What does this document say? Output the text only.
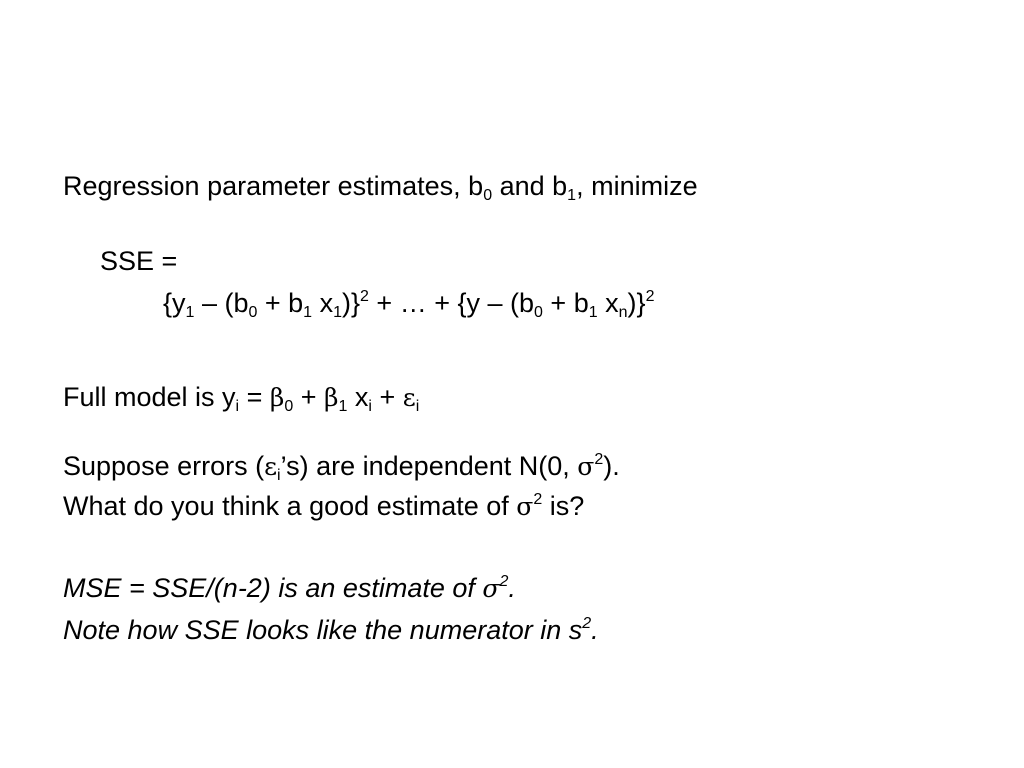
Regression parameter estimates, $b_0$ and $b_1$, minimize
SSE =
{$y_1 - (b_0 + b_1$ $x_1)\}^2$ + … + {$y - (b_0 + b_1$ $x_n)\}^2$
Full model is $y_i = \beta_0 + \beta_1$ $x_i + \varepsilon_i$
Suppose errors $(\varepsilon_i’s)$ are independent N(0, $\sigma^2$).
What do you think a good estimate of $\sigma^2$ is?
MSE = SSE/(n-2) is an estimate of $\sigma^2$.
Note how SSE looks like the numerator in $s^2$.
